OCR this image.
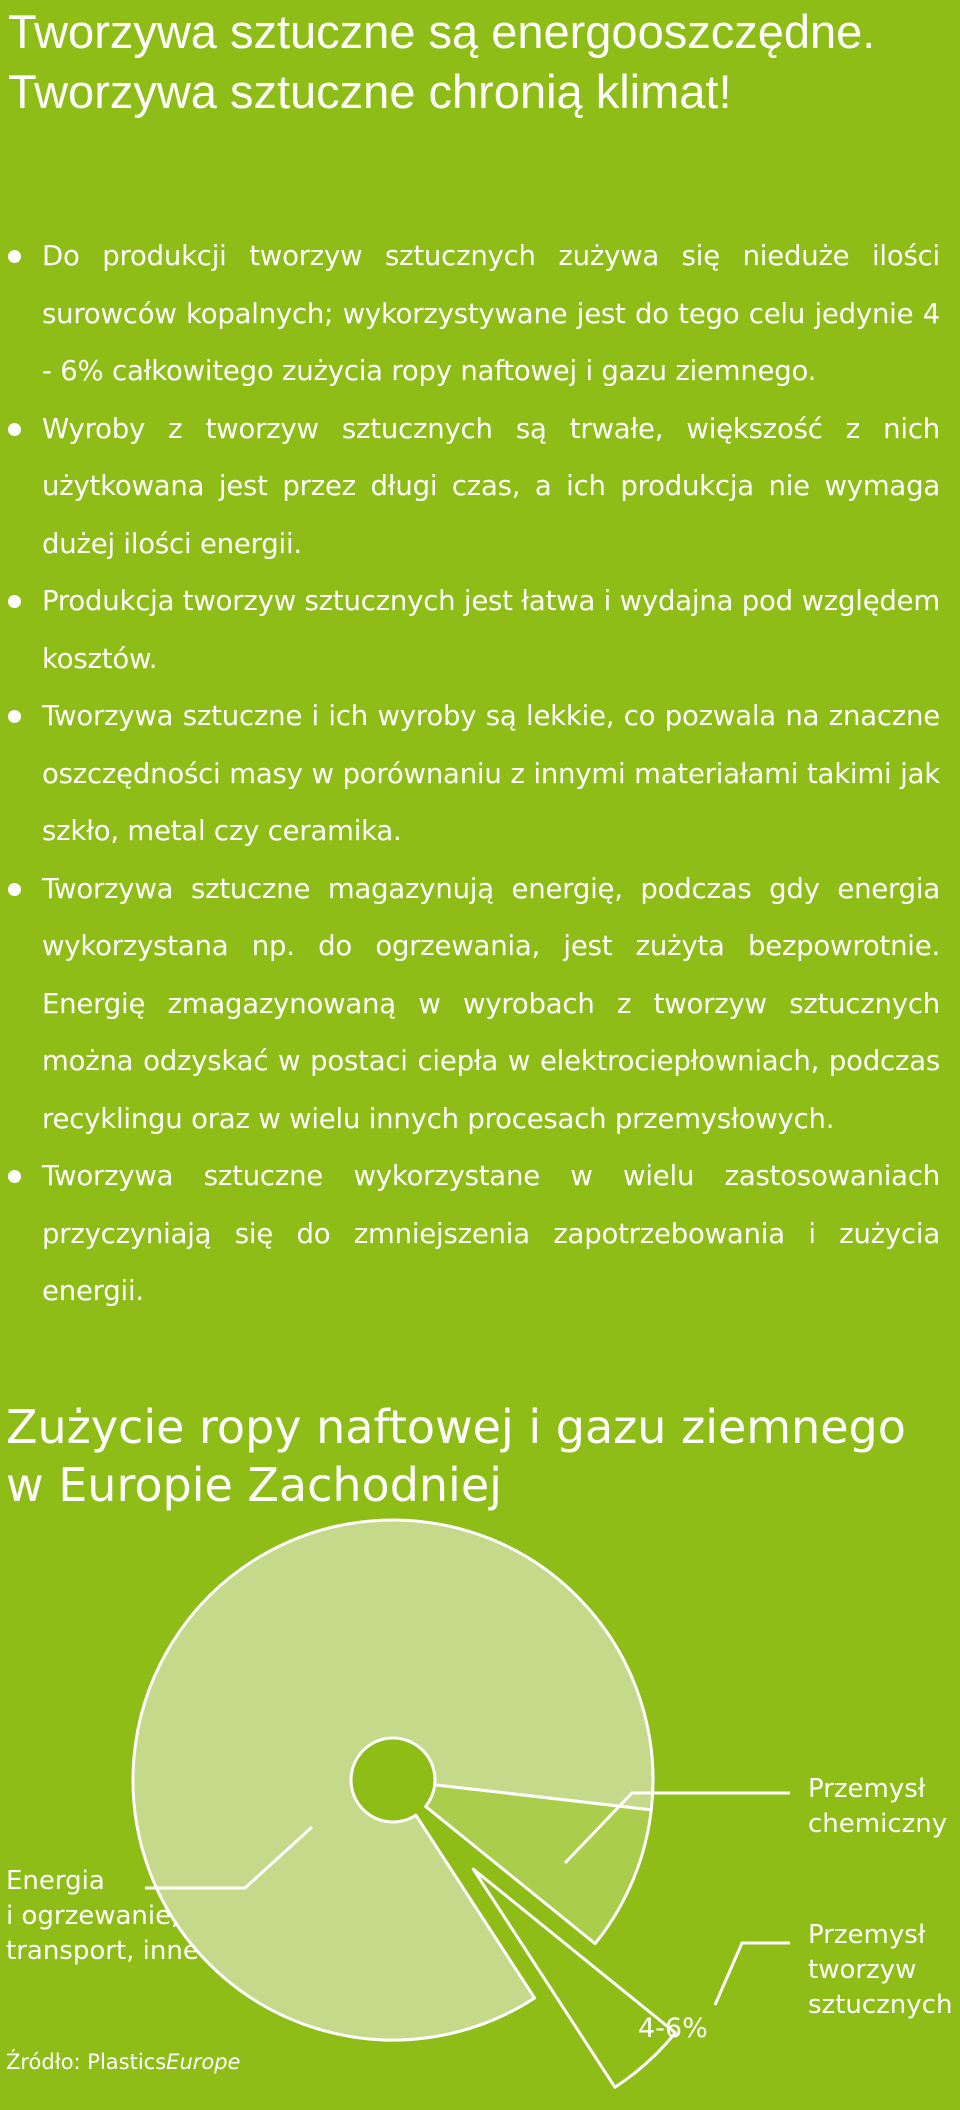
Tworzywa sztuczne są energooszczędne.
Tworzywa sztuczne chronią klimat!
Do produkcji tworzyw sztucznych zużywa się nieduże ilości surowców kopalnych; wykorzystywane jest do tego celu jedynie 4 - 6% całkowitego zużycia ropy naftowej i gazu ziemnego.
Wyroby z tworzyw sztucznych są trwałe, większość z nich użytkowana jest przez długi czas, a ich produkcja nie wymaga dużej ilości energii.
Produkcja tworzyw sztucznych jest łatwa i wydajna pod względem kosztów.
Tworzywa sztuczne i ich wyroby są lekkie, co pozwala na znaczne oszczędności masy w porównaniu z innymi materiałami takimi jak szkło, metal czy ceramika.
Tworzywa sztuczne magazynują energię, podczas gdy energia wykorzystana np. do ogrzewania, jest zużyta bezpowrotnie. Energię zmagazynowaną w wyrobach z tworzyw sztucznych można odzyskać w postaci ciepła w elektrociepłowniach, podczas recyklingu oraz w wielu innych procesach przemysłowych.
Tworzywa sztuczne wykorzystane w wielu zastosowaniach przyczyniają się do zmniejszenia zapotrzebowania i zużycia energii.
Zużycie ropy naftowej i gazu ziemnego
w Europie Zachodniej
Energia
i ogrzewanie,
transport, inne
Przemysł
chemiczny
Przemysł
tworzyw
sztucznych
4-6%
Źródło: PlasticsEurope
